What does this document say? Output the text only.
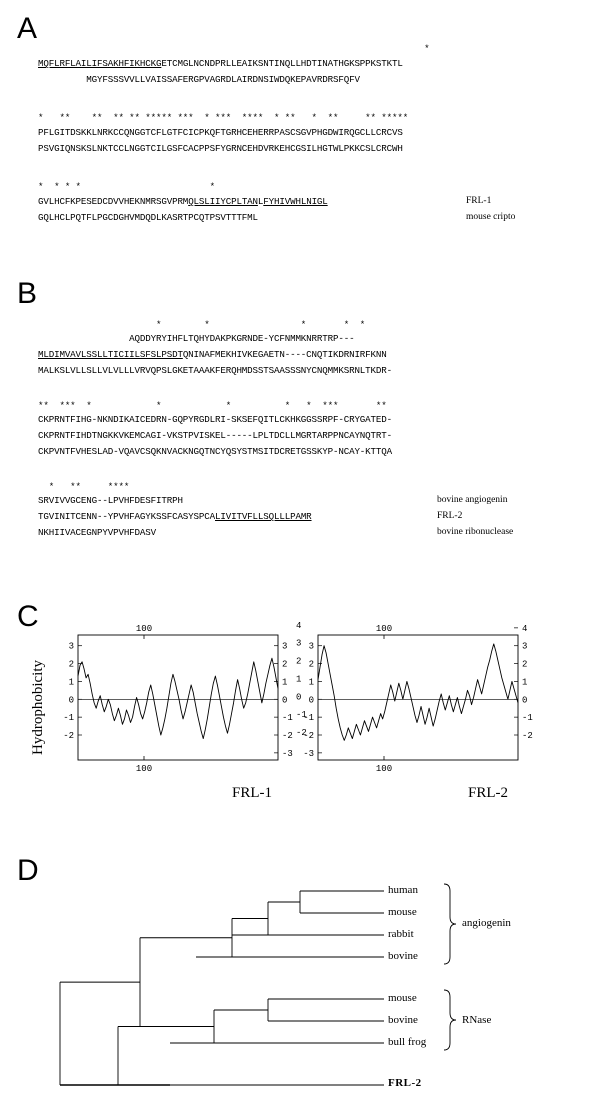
A
*
MQFLRFLAILIFSAKHFIKHCKGETCMGLNCNDPRLLEAIKSNTINQLLHDTINATHGKSPPKSTKTL
MGYFSSSVVLLVAISSAFERGPVAGRDLAIRDNSIWDQKEPAVRDRSFQFV
*   **    **  ** ** ***** ***  * ***  ****  * **   *  **     ** *****
PFLGITDSKKLNRKCCQNGGTCFLGTFCICPKQFTGRHCEHERRPASCSGVPHGDWIRQGCLLCRCVS
PSVGIQNSKSLNKTCCLNGGTCILGSFCACPPSFYGRNCEHDVRKEHCGSILHGTWLPKKCSLCRCWH
*  * * *                        *
GVLHCFKPESEDCDVVHEKNMRSGVPRMQLSLIIYCPLTANLFYHIVWHLNIGL
GQLHCLPQTFLPGCDGHVMDQDLKASRTPCQTPSVTTTFML
FRL-1
mouse cripto
B
*        *                 *       *  *
AQDDYRYIHFLTQHYDAKPKGRNDE-YCFNMMKNRRTRP---
MLDIMVAVLSSLLTICIILSFSLPSDTQNINAFMEKHIVKEGAETN----CNQTIKDRNIRFKNN
MALKSLVLLSLLVLVLLLVRVQPSLGKETAAAKFERQHMDSSTSAASSSNYCNQMMKSRNLTKDR-
**  ***  *            *            *          *   *  ***       **
CKPRNTFIHG-NKNDIKAICEDRN-GQPYRGDLRI-SKSEFQITLCKHKGGSSRPF-CRYGATED-
CKPRNTFIHDTNGKKVKEMCAGI-VKSTPVISKEL-----LPLTDCLLMGRTARPPNCAYNQTRT-
CKPVNTFVHESLAD-VQAVCSQKNVACKNGQTNCYQSYSTMSITDCRETGSSKYP-NCAY-KTTQA
*   **     ****
SRVIVVGCENG--LPVHFDESFITRPH
TGVINITCENN--YPVHFAGYKSSFCASYSPCALIVITVFLLSQLLLPAMR
NKHIIVACEGNPYVPVHFDASV
bovine angiogenin
FRL-2
bovine ribonuclease
C
Hydrophobicity
100
100
3
2
1
0
-1
-2
3
2
1
0
-1
-2
-3
4
3
2
1
0
-1
-2
100
100
3
2
1
0
-1
-2
-3
4
3
2
1
0
-1
-2
FRL-1	FRL-2
D
human
mouse
rabbit
bovine
mouse
bovine
bull frog
FRL-2
angiogenin
RNase
